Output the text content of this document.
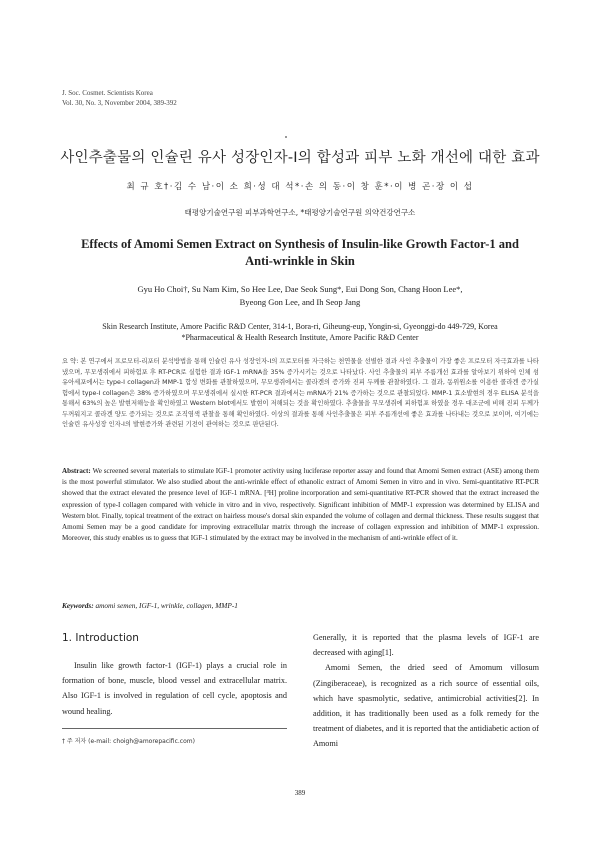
J. Soc. Cosmet. Scientists Korea
Vol. 30, No. 3, November 2004, 389-392
사인추출물의 인슐린 유사 성장인자-I의 합성과 피부 노화 개선에 대한 효과
최 규 호†·김 수 남·이 소 희·성 대 석*·손 의 동·이 창 훈*·이 병 곤·장 이 섭
태평양기술연구원 피부과학연구소, *태평양기술연구원 의약건강연구소
Effects of Amomi Semen Extract on Synthesis of Insulin-like Growth Factor-1 and
Anti-wrinkle in Skin
Gyu Ho Choi†, Su Nam Kim, So Hee Lee, Dae Seok Sung*, Eui Dong Son, Chang Hoon Lee*,
Byeong Gon Lee, and Ih Seop Jang
Skin Research Institute, Amore Pacific R&D Center, 314-1, Bora-ri, Giheung-eup, Yongin-si, Gyeonggi-do 449-729, Korea
*Pharmaceutical & Health Research Institute, Amore Pacific R&D Center
요 약: 본 연구에서 프로모터-리포터 분석방법을 통해 인슐린 유사 성장인자-I의 프로모터를 자극하는 천연물을 선별한 결과 사인 추출물이 가장 좋은 프로모터 자극효과를 나타냈으며, 무모생쥐에서 피하험포 후 RT-PCR로 실험한 결과 IGF-1 mRNA을 35% 증가시키는 것으로 나타났다. 사인 추출물의 피부 주름개선 효과를 알아보기 위하여 인체 섬유아세포에서는 type-I collagen과 MMP-1 합성 변화를 관찰하였으며, 무모생쥐에서는 콜라겐의 증가와 진피 두께를 관찰하였다. 그 결과, 동위원소를 이용한 콜라겐 증가실험에서 type-I collagen은 38% 증가하였으며 무모생쥐에서 실시한 RT-PCR 결과에서는 mRNA가 21% 증가하는 것으로 관찰되었다. MMP-1 효소발현의 경우 ELISA 분석을 통해서 63%의 높은 발현저해능을 확인하였고 Western blot에서도 발현이 저해되는 것을 확인하였다. 추출물을 무모생쥐에 피하험포 하였을 경우 대조군에 비해 진피 두께가 두꺼워지고 콜라겐 양도 증가되는 것으로 조직염색 관찰을 통해 확인하였다. 이상의 결과를 통해 사인추출물은 피부 주름개선에 좋은 효과를 나타내는 것으로 보이며, 여기에는 인슐린 유사성장 인자-I의 발현증가와 관련된 기전이 관여하는 것으로 판단된다.
Abstract: We screened several materials to stimulate IGF-1 promoter activity using luciferase reporter assay and found that Amomi Semen extract (ASE) among them is the most powerful stimulator. We also studied about the anti-wrinkle effect of ethanolic extract of Amomi Semen in vitro and in vivo. Semi-quantitative RT-PCR showed that the extract elevated the presence level of IGF-1 mRNA. [³H] proline incorporation and semi-quantitative RT-PCR showed that the extract increased the expression of type-I collagen compared with vehicle in vitro and in vivo, respectively. Significant inhibition of MMP-1 expression was determined by ELISA and Western blot. Finally, topical treatment of the extract on hairless mouse's dorsal skin expanded the volume of collagen and dermal thickness. These results suggest that Amomi Semen may be a good candidate for improving extracellular matrix through the increase of collagen expression and inhibition of MMP-1 expression. Moreover, this study enables us to guess that IGF-1 stimulated by the extract may be involved in the mechanism of anti-wrinkle effect of it.
Keywords: amomi semen, IGF-1, wrinkle, collagen, MMP-1
1. Introduction

Insulin like growth factor-1 (IGF-1) plays a crucial role in formation of bone, muscle, blood vessel and extracellular matrix. Also IGF-1 is involved in regulation of cell cycle, apoptosis and wound healing.

Generally, it is reported that the plasma levels of IGF-1 are decreased with aging[1].

Amomi Semen, the dried seed of Amomum villosum (Zingiberaceae), is recognized as a rich source of essential oils, which have spasmolytic, sedative, antimicrobial activities[2]. In addition, it has traditionally been used as a folk remedy for the treatment of diabetes, and it is reported that the antidiabetic action of Amomi

† 주 저자 (e-mail: choigh@amorepacific.com)
389
